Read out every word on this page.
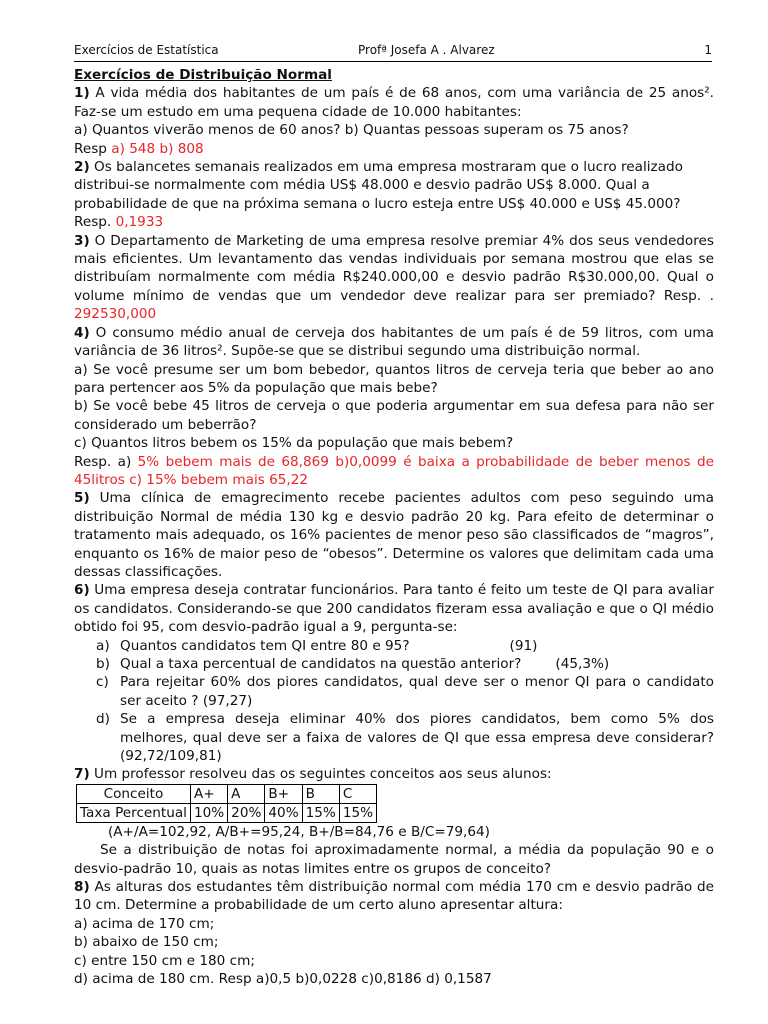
Exercícios de Estatística	Profª Josefa A . Alvarez	1

Exercícios de Distribuição Normal

1) A vida média dos habitantes de um país é de 68 anos, com uma variância de 25 anos². Faz-se um estudo em uma pequena cidade de 10.000 habitantes:

a) Quantos viverão menos de 60 anos? b) Quantas pessoas superam os 75 anos?

Resp a) 548 b) 808

2) Os balancetes semanais realizados em uma empresa mostraram que o lucro realizado distribui-se normalmente com média US$ 48.000 e desvio padrão US$ 8.000. Qual a probabilidade de que na próxima semana o lucro esteja entre US$ 40.000 e US$ 45.000? Resp. 0,1933

3) O Departamento de Marketing de uma empresa resolve premiar 4% dos seus vendedores mais eficientes. Um levantamento das vendas individuais por semana mostrou que elas se distribuíam normalmente com média R$240.000,00 e desvio padrão R$30.000,00. Qual o volume mínimo de vendas que um vendedor deve realizar para ser premiado? Resp. . 292530,000

4) O consumo médio anual de cerveja dos habitantes de um país é de 59 litros, com uma variância de 36 litros². Supõe-se que se distribui segundo uma distribuição normal.

a) Se você presume ser um bom bebedor, quantos litros de cerveja teria que beber ao ano para pertencer aos 5% da população que mais bebe?

b) Se você bebe 45 litros de cerveja o que poderia argumentar em sua defesa para não ser considerado um beberrão?

c) Quantos litros bebem os 15% da população que mais bebem?

Resp. a) 5% bebem mais de 68,869 b)0,0099 é baixa a probabilidade de beber menos de 45litros c) 15% bebem mais 65,22

5) Uma clínica de emagrecimento recebe pacientes adultos com peso seguindo uma distribuição Normal de média 130 kg e desvio padrão 20 kg. Para efeito de determinar o tratamento mais adequado, os 16% pacientes de menor peso são classificados de “magros”, enquanto os 16% de maior peso de “obesos”. Determine os valores que delimitam cada uma dessas classificações.

6) Uma empresa deseja contratar funcionários. Para tanto é feito um teste de QI para avaliar os candidatos. Considerando-se que 200 candidatos fizeram essa avaliação e que o QI médio obtido foi 95, com desvio-padrão igual a 9, pergunta-se:

a) Quantos candidatos tem QI entre 80 e 95?	(91)
b) Qual a taxa percentual de candidatos na questão anterior?	(45,3%)
c) Para rejeitar 60% dos piores candidatos, qual deve ser o menor QI para o candidato ser aceito ? (97,27)
d) Se a empresa deseja eliminar 40% dos piores candidatos, bem como 5% dos melhores, qual deve ser a faixa de valores de QI que essa empresa deve considerar? (92,72/109,81)

7) Um professor resolveu das os seguintes conceitos aos seus alunos:

Conceito	A+	A	B+	B	C
Taxa Percentual	10%	20%	40%	15%	15%

(A+/A=102,92, A/B+=95,24, B+/B=84,76 e B/C=79,64)

Se a distribuição de notas foi aproximadamente normal, a média da população 90 e o desvio-padrão 10, quais as notas limites entre os grupos de conceito?

8) As alturas dos estudantes têm distribuição normal com média 170 cm e desvio padrão de 10 cm. Determine a probabilidade de um certo aluno apresentar altura:

a) acima de 170 cm;

b) abaixo de 150 cm;

c) entre 150 cm e 180 cm;

d) acima de 180 cm. Resp a)0,5 b)0,0228 c)0,8186 d) 0,1587
